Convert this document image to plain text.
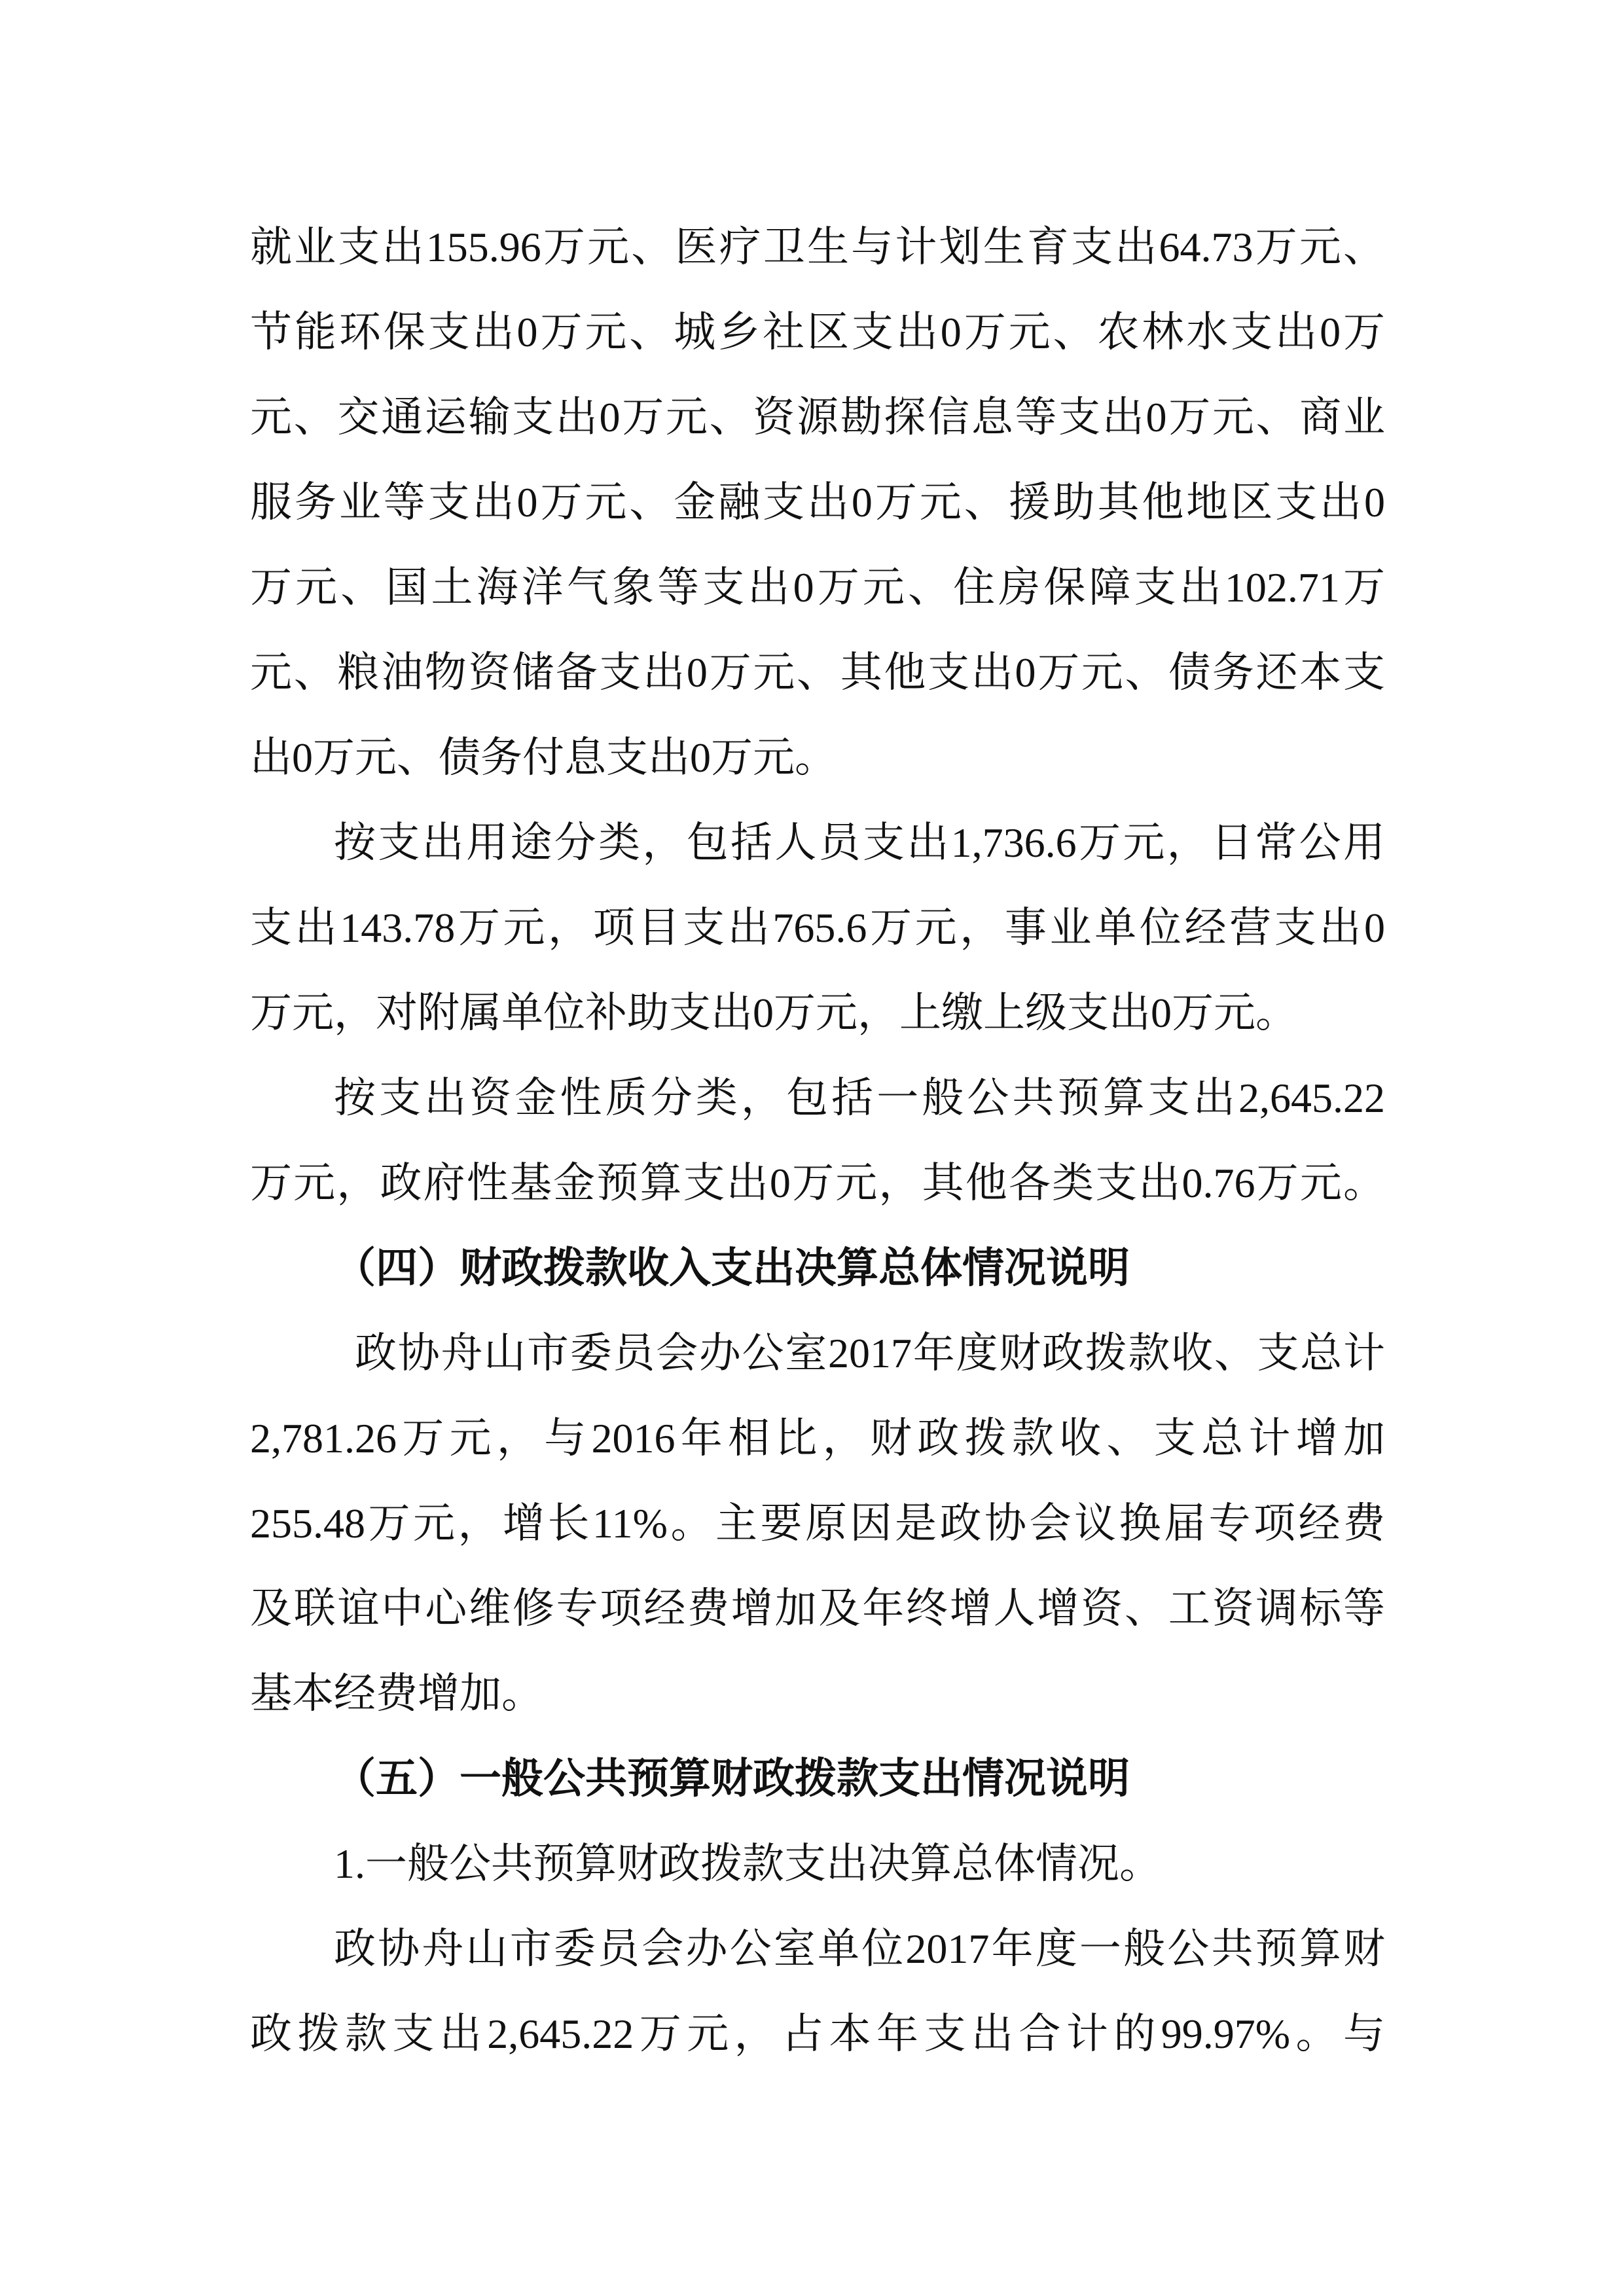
就业支出155.96万元、医疗卫生与计划生育支出64.73万元、
节能环保支出0万元、城乡社区支出0万元、农林水支出0万
元、交通运输支出0万元、资源勘探信息等支出0万元、商业
服务业等支出0万元、金融支出0万元、援助其他地区支出0
万元、国土海洋气象等支出0万元、住房保障支出102.71万
元、粮油物资储备支出0万元、其他支出0万元、债务还本支
出0万元、债务付息支出0万元。
按支出用途分类，包括人员支出1,736.6万元，日常公用
支出143.78万元，项目支出765.6万元，事业单位经营支出0
万元，对附属单位补助支出0万元，上缴上级支出0万元。
按支出资金性质分类，包括一般公共预算支出2,645.22
万元，政府性基金预算支出0万元，其他各类支出0.76万元。
（四）财政拨款收入支出决算总体情况说明
政协舟山市委员会办公室2017年度财政拨款收、支总计
2,781.26万元，与2016年相比，财政拨款收、支总计增加
255.48万元，增长11%。主要原因是政协会议换届专项经费
及联谊中心维修专项经费增加及年终增人增资、工资调标等
基本经费增加。
（五）一般公共预算财政拨款支出情况说明
1.一般公共预算财政拨款支出决算总体情况。
政协舟山市委员会办公室单位2017年度一般公共预算财
政拨款支出2,645.22万元，占本年支出合计的99.97%。与
